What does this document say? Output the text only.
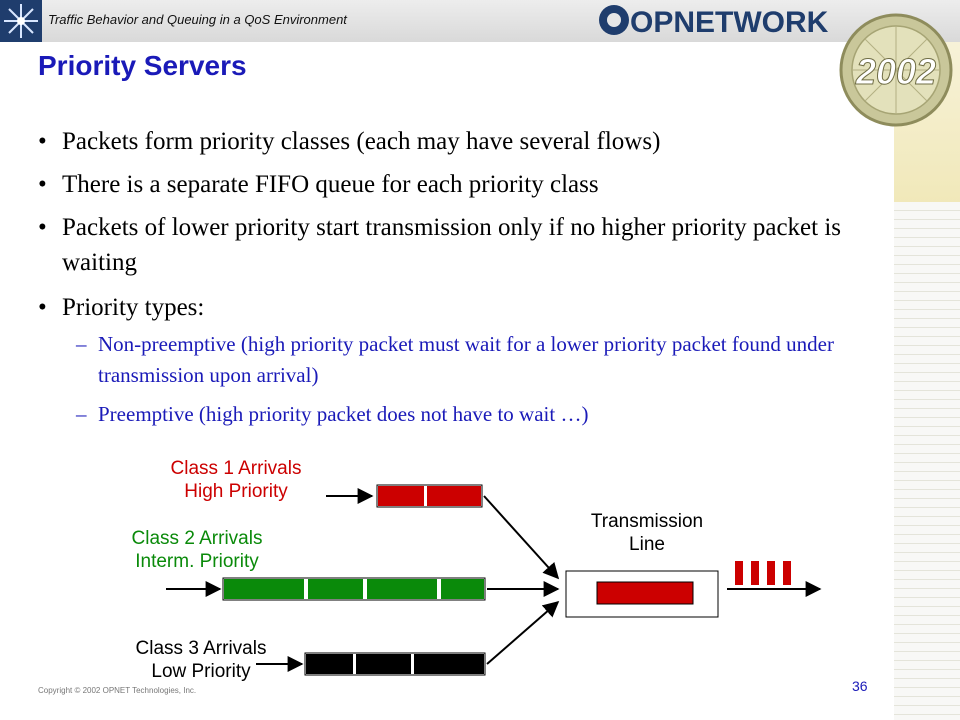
Traffic Behavior and Queuing in a QoS Environment	OPNETWORK
2002
Priority Servers
• Packets form priority classes (each may have several flows)
• There is a separate FIFO queue for each priority class
• Packets of lower priority start transmission only if no higher priority packet is waiting
• Priority types:
– Non-preemptive (high priority packet must wait for a lower priority packet found under transmission upon arrival)
– Preemptive (high priority packet does not have to wait …)
Class 1 Arrivals
High Priority
Class 2 Arrivals
Interm. Priority
Class 3 Arrivals
Low Priority
Transmission
Line
Copyright © 2002 OPNET Technologies, Inc.	36
